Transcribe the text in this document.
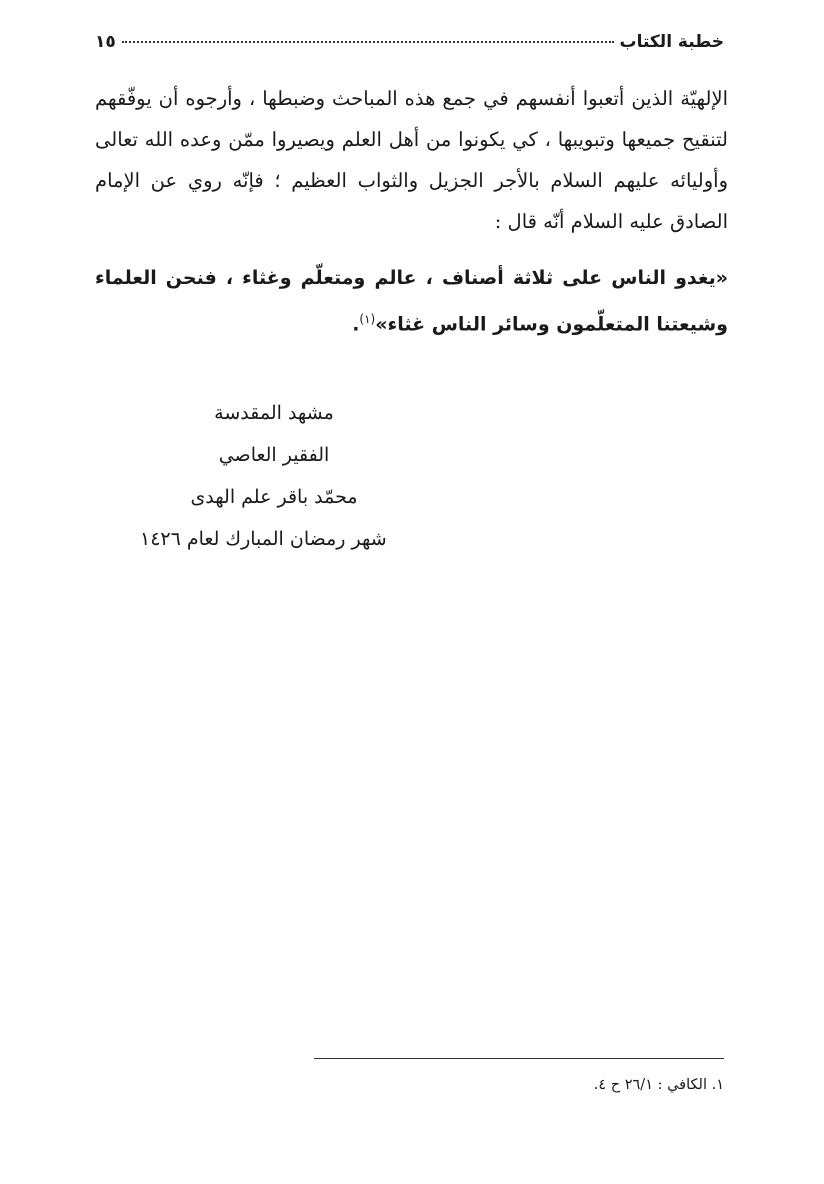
خطبة الكتاب
١٥
الإلهيّة الذين أتعبوا أنفسهم في جمع هذه المباحث وضبطها ، وأرجوه أن يوفّقهم لتنقيح جميعها وتبويبها ، كي يكونوا من أهل العلم ويصيروا ممّن وعده الله تعالى وأوليائه عليهم السلام بالأجر الجزيل والثواب العظيم ؛ فإنّه روي عن الإمام الصادق عليه السلام أنّه قال :
«يغدو الناس على ثلاثة أصناف ، عالم ومتعلّم وغثاء ، فنحن العلماء وشيعتنا المتعلّمون وسائر الناس غثاء»$^{(١)}$.
مشهد المقدسة
الفقير العاصي
محمّد باقر علم الهدى
شهر رمضان المبارك لعام ١٤٢٦
١. الكافي : ٢٦/١ ح ٤.
